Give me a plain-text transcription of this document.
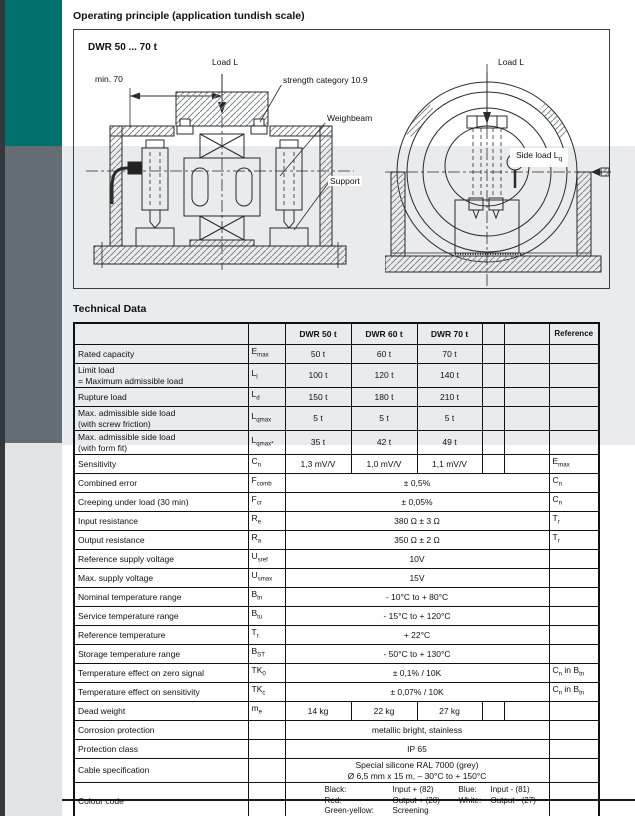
Operating principle (application tundish scale)
DWR 50 ... 70 t
Load L
min. 70	strength category 10.9
Weighbeam
Support
Load L
Side load $L_q$
Technical Data
		DWR 50 t	DWR 60 t	DWR 70 t			Reference
Rated capacity	$E_{max}$	50 t	60 t	70 t			
Limit load
= Maximum admissible load	$L_l$	100 t	120 t	140 t			
Rupture load	$L_d$	150 t	180 t	210 t			
Max. admissible side load
(with screw friction)	$L_{qmax}$	5 t	5 t	5 t			
Max. admissible side load
(with form fit)	$L_{qmax*}$	35 t	42 t	49 t			
Sensitivity	$C_n$	1,3 mV/V	1,0 mV/V	1,1 mV/V			$E_{max}$
Combined error	$F_{comb}$	± 0,5%					$C_n$
Creeping under load (30 min)	$F_{cr}$	± 0,05%					$C_n$
Input resistance	$R_e$	380 Ω ± 3 Ω					$T_r$
Output resistance	$R_a$	350 Ω ± 2 Ω					$T_r$
Reference supply voltage	$U_{sref}$	10V					
Max. supply voltage	$U_{smax}$	15V					
Nominal temperature range	$B_{tn}$	- 10°C to + 80°C					
Service temperature range	$B_{tu}$	- 15°C to + 120°C					
Reference temperature	$T_{r.}$	+ 22°C					
Storage temperature range	$B_{ST}$	- 50°C to + 130°C					
Temperature effect on zero signal	$TK_0$	± 0,1% / 10K					$C_n$ in $B_{tn}$
Temperature effect on sensitivity	$TK_c$	± 0,07% / 10K					$C_n$ in $B_{tn}$
Dead weight	$m_e$	14 kg	22 kg	27 kg			
Corrosion protection		metallic bright, stainless					
Protection class		IP 65					
Cable specification		Special silicone RAL 7000 (grey)
Ø 6,5 mm x 15 m, – 30°C to + 150°C					

Colour code		
Black:	Input + (82)	Blue:	Input - (81)
Red:	Output + (28)	White:	Output - (27)
Green-yellow:	Screening
